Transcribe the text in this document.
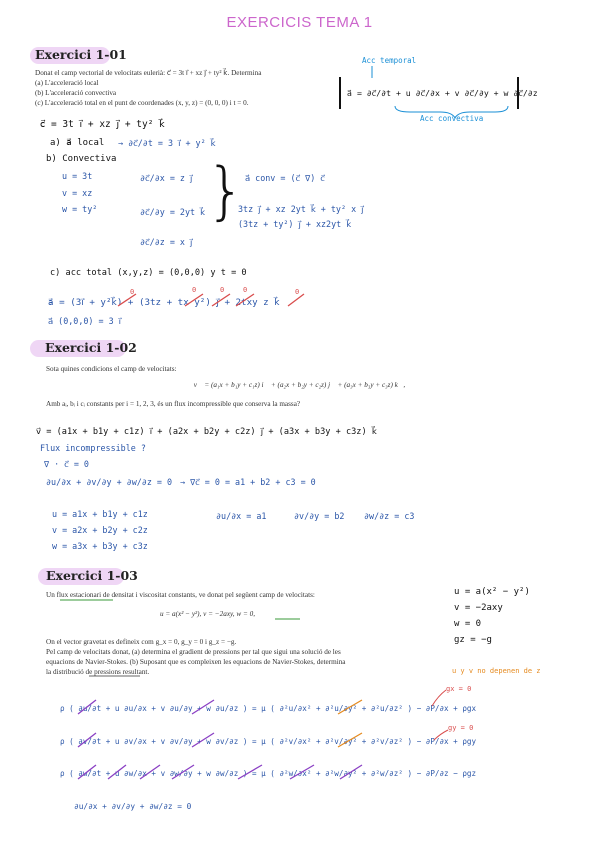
EXERCICIS TEMA 1
Exercici 1-01
Donat el camp vectorial de velocitats eulerià: c⃗ = 3t i⃗ + xz j⃗ + ty² k⃗. Determina
(a) L'acceleració local
(b) L'acceleració convectiva
(c) L'acceleració total en el punt de coordenades (x, y, z) = (0, 0, 0) i t = 0.
Acc temporal
a⃗ = ∂c⃗/∂t + u ∂c⃗/∂x + v ∂c⃗/∂y + w ∂c⃗/∂z
Acc convectiva
c⃗ = 3t i⃗ + xz j⃗ + ty² k⃗
a) a⃗ local → ∂c⃗/∂t = 3 i⃗ + y² k⃗
b) Convectiva
u = 3t
v = xz
w = ty²
∂c⃗/∂x = z j⃗
∂c⃗/∂y = 2yt k⃗
∂c⃗/∂z = x j⃗
} a⃗ conv = (c⃗ ∇) c⃗
3tz j⃗ + xz 2yt k⃗ + ty² x j⃗
(3tz + ty²) j⃗ + xz2yt k⃗
c) acc total (x,y,z) = (0,0,0) y t = 0
a⃗ = (3i⃗ + y²k⃗) + (3tz + tx y²) j⃗ + 2txy z k⃗
a⃗ (0,0,0) = 3 i⃗
0	0	0	0	0
Exercici 1-02
Sota quines condicions el camp de velocitats:
v⃗ = (a₁x + b₁y + c₁z) i⃗ + (a₂x + b₂y + c₂z) j⃗ + (a₃x + b₃y + c₃z) k⃗,
Amb aᵢ, bᵢ i cᵢ constants per i = 1, 2, 3, és un flux incompressible que conserva la massa?
v⃗ = (a1x + b1y + c1z) i⃗ + (a2x + b2y + c2z) j⃗ + (a3x + b3y + c3z) k⃗
Flux incompressible ?
∇ · c⃗ = 0
∂u/∂x + ∂v/∂y + ∂w/∂z = 0 → ∇c⃗ = 0 = a1 + b2 + c3 = 0
u = a1x + b1y + c1z
v = a2x + b2y + c2z
w = a3x + b3y + c3z
∂u/∂x = a1	∂v/∂y = b2 ∂w/∂z = c3
Exercici 1-03
Un flux estacionari de densitat i viscositat constants, ve donat pel següent camp de velocitats:
u = a(x² − y²), v = −2axy, w = 0,
On el vector gravetat es defineix com g_x = 0, g_y = 0 i g_z = −g.
Pel camp de velocitats donat, (a) determina el gradient de pressions per tal que sigui una solució de les
equacions de Navier-Stokes. (b) Suposant que es compleixen les equacions de Navier-Stokes, determina
la distribució de pressions resultant.
u = a(x² − y²)
v = −2axy
w = 0
gz = −g
u y v no depenen de z
gx = 0
gy = 0
ρ ( ∂u/∂t + u ∂u/∂x + v ∂u/∂y + w ∂u/∂z ) = μ ( ∂²u/∂x² + ∂²u/∂y² + ∂²u/∂z² ) − ∂P/∂x + ρgx
ρ ( ∂v/∂t + u ∂v/∂x + v ∂v/∂y + w ∂v/∂z ) = μ ( ∂²v/∂x² + ∂²v/∂y² + ∂²v/∂z² ) − ∂P/∂x + ρgy
ρ ( ∂w/∂t + u ∂w/∂x + v ∂w/∂y + w ∂w/∂z ) = μ ( ∂²w/∂x² + ∂²w/∂y² + ∂²w/∂z² ) − ∂P/∂z − ρgz
∂u/∂x + ∂v/∂y + ∂w/∂z = 0
